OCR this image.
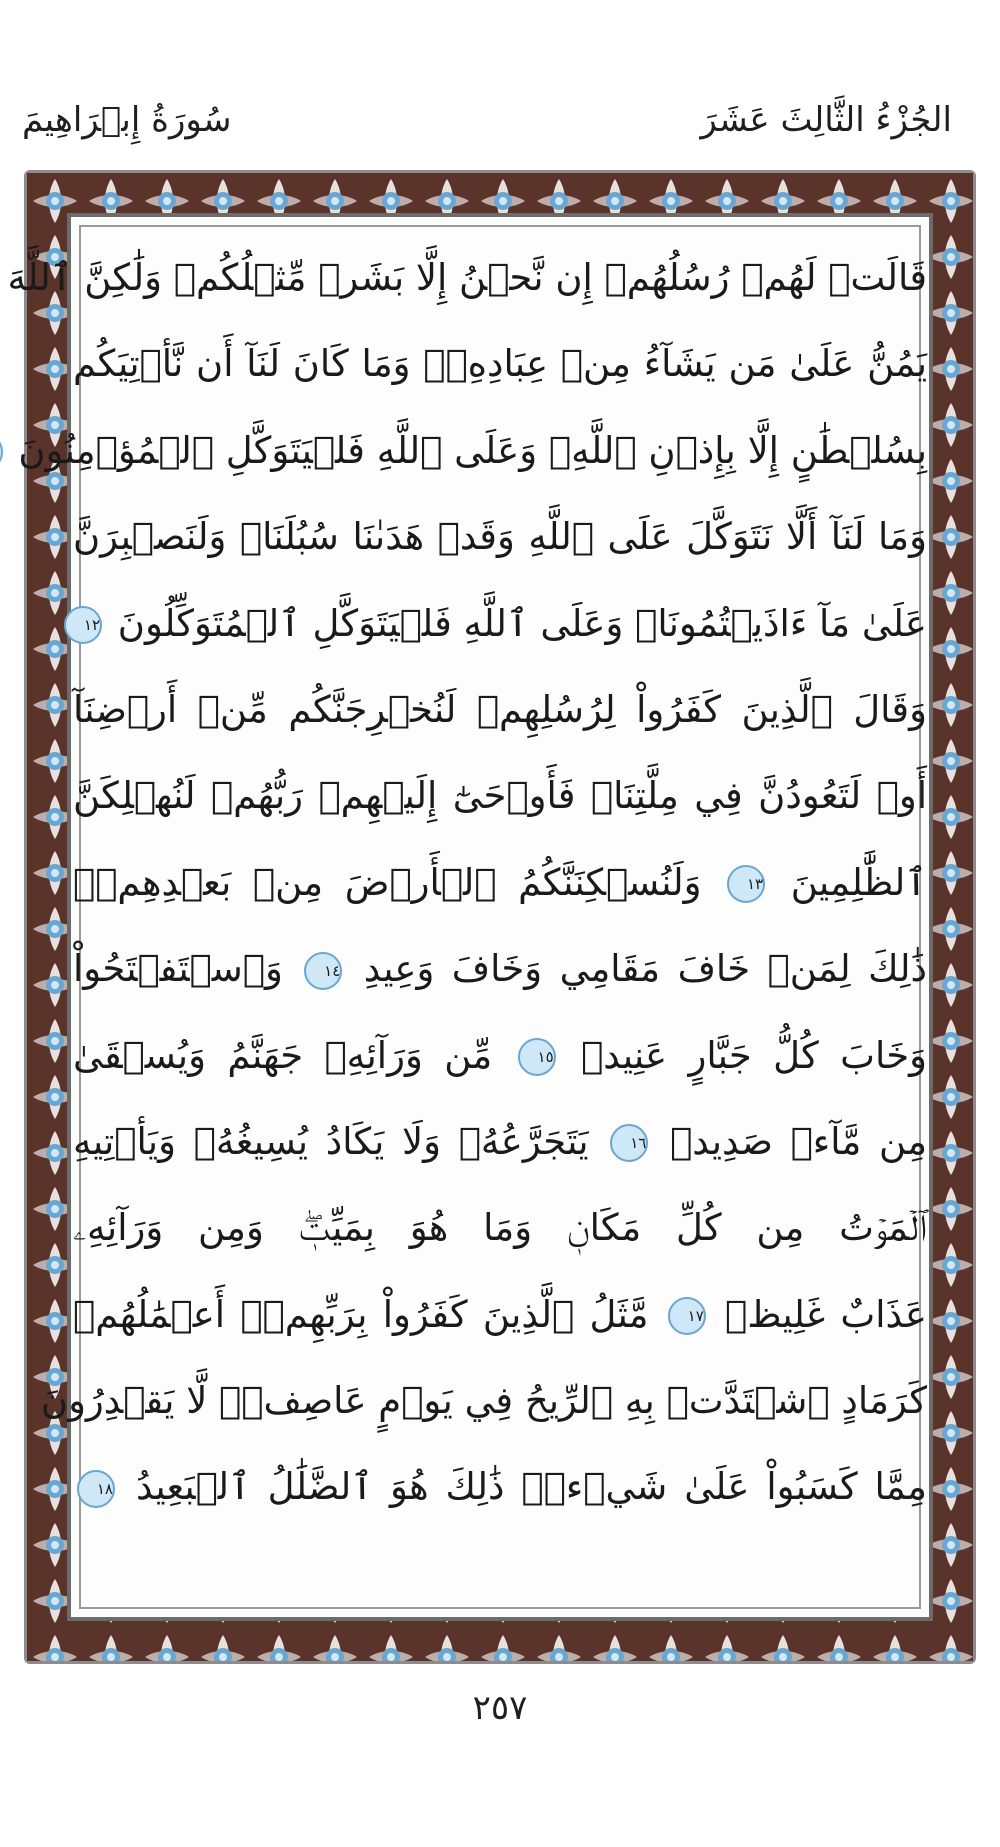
الجُزْءُ الثَّالِثَ عَشَرَ
سُورَةُ إِبۡرَاهِيمَ
قَالَتۡ لَهُمۡ رُسُلُهُمۡ إِن نَّحۡنُ إِلَّا بَشَرٞ مِّثۡلُكُمۡ وَلَٰكِنَّ ٱللَّهَ
يَمُنُّ عَلَىٰ مَن يَشَآءُ مِنۡ عِبَادِهِۦۖ وَمَا كَانَ لَنَآ أَن نَّأۡتِيَكُم
بِسُلۡطَٰنٍ إِلَّا بِإِذۡنِ ٱللَّهِۚ وَعَلَى ٱللَّهِ فَلۡيَتَوَكَّلِ ٱلۡمُؤۡمِنُونَ
وَمَا لَنَآ أَلَّا نَتَوَكَّلَ عَلَى ٱللَّهِ وَقَدۡ هَدَىٰنَا سُبُلَنَاۚ وَلَنَصۡبِرَنَّ
عَلَىٰ مَآ ءَاذَيۡتُمُونَاۚ وَعَلَى ٱللَّهِ فَلۡيَتَوَكَّلِ ٱلۡمُتَوَكِّلُونَ ١٢
وَقَالَ ٱلَّذِينَ كَفَرُواْ لِرُسُلِهِمۡ لَنُخۡرِجَنَّكُم مِّنۡ أَرۡضِنَآ
أَوۡ لَتَعُودُنَّ فِي مِلَّتِنَاۖ فَأَوۡحَىٰٓ إِلَيۡهِمۡ رَبُّهُمۡ لَنُهۡلِكَنَّ
ٱلظَّٰلِمِينَ ١٣ وَلَنُسۡكِنَنَّكُمُ ٱلۡأَرۡضَ مِنۢ بَعۡدِهِمۡۚ
ذَٰلِكَ لِمَنۡ خَافَ مَقَامِي وَخَافَ وَعِيدِ ١٤ وَٱسۡتَفۡتَحُواْ
وَخَابَ كُلُّ جَبَّارٍ عَنِيدٖ ١٥ مِّن وَرَآئِهِۦ جَهَنَّمُ وَيُسۡقَىٰ
مِن مَّآءٖ صَدِيدٖ ١٦ يَتَجَرَّعُهُۥ وَلَا يَكَادُ يُسِيغُهُۥ وَيَأۡتِيهِ
ٱلۡمَوۡتُ مِن كُلِّ مَكَانٖ وَمَا هُوَ بِمَيِّتٖۖ وَمِن وَرَآئِهِۦ
عَذَابٌ غَلِيظٞ ١٧ مَّثَلُ ٱلَّذِينَ كَفَرُواْ بِرَبِّهِمۡۖ أَعۡمَٰلُهُمۡ
كَرَمَادٍ ٱشۡتَدَّتۡ بِهِ ٱلرِّيحُ فِي يَوۡمٍ عَاصِفٖۖ لَّا يَقۡدِرُونَ
مِمَّا كَسَبُواْ عَلَىٰ شَيۡءٖۚ ذَٰلِكَ هُوَ ٱلضَّلَٰلُ ٱلۡبَعِيدُ ١٨
٢٥٧
